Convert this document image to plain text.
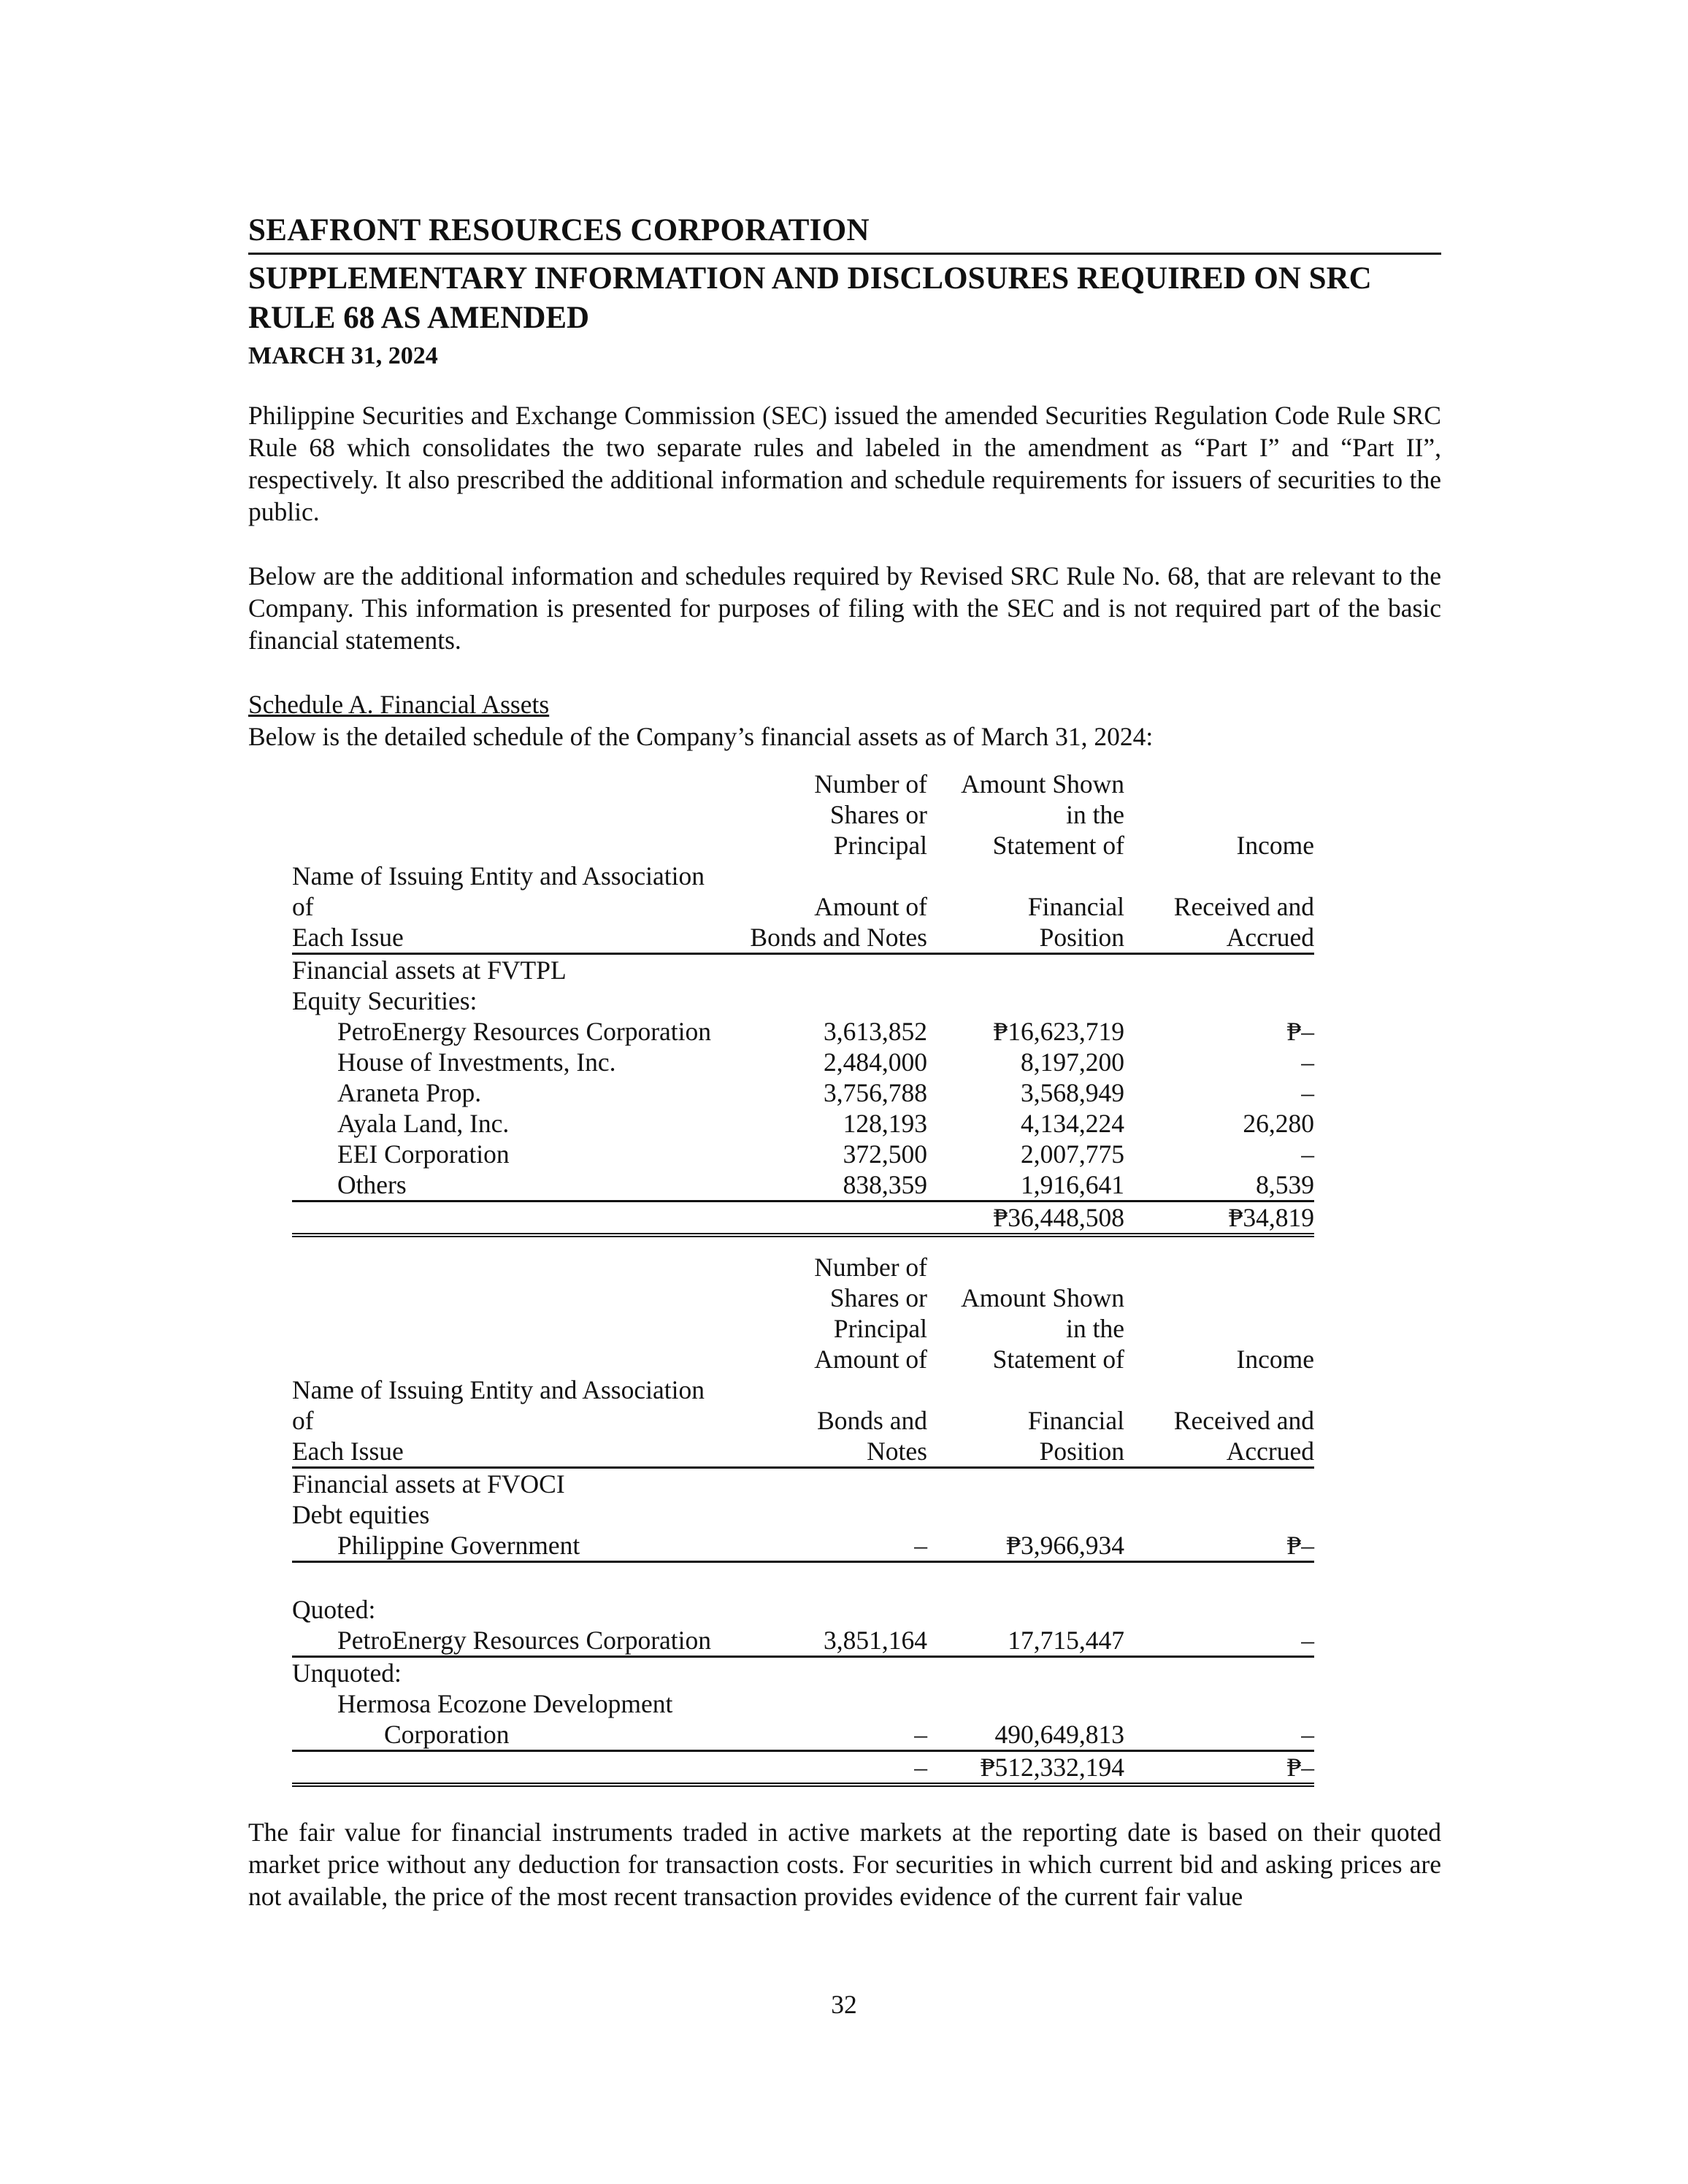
SEAFRONT RESOURCES CORPORATION
SUPPLEMENTARY INFORMATION AND DISCLOSURES REQUIRED ON SRC RULE 68 AS AMENDED
MARCH 31, 2024

Philippine Securities and Exchange Commission (SEC) issued the amended Securities Regulation Code Rule SRC Rule 68 which consolidates the two separate rules and labeled in the amendment as “Part I” and “Part II”, respectively. It also prescribed the additional information and schedule requirements for issuers of securities to the public.

Below are the additional information and schedules required by Revised SRC Rule No. 68, that are relevant to the Company. This information is presented for purposes of filing with the SEC and is not required part of the basic financial statements.

Schedule A. Financial Assets
Below is the detailed schedule of the Company’s financial assets as of March 31, 2024:
	Number of	Amount Shown	
	Shares or	in the	
	Principal	Statement of	Income
Name of Issuing Entity and Association of	Amount of	Financial	Received and
Each Issue	Bonds and Notes	Position	Accrued
Financial assets at FVTPL			
Equity Securities:			
PetroEnergy Resources Corporation	3,613,852	₱16,623,719	₱–
House of Investments, Inc.	2,484,000	8,197,200	–
Araneta Prop.	3,756,788	3,568,949	–
Ayala Land, Inc.	128,193	4,134,224	26,280
EEI Corporation	372,500	2,007,775	–
Others	838,359	1,916,641	8,539
		₱36,448,508	₱34,819
	Number of		
	Shares or	Amount Shown	
	Principal	in the	
	Amount of	Statement of	Income
Name of Issuing Entity and Association of	Bonds and	Financial	Received and
Each Issue	Notes	Position	Accrued
Financial assets at FVOCI			
Debt equities			
Philippine Government	–	₱3,966,934	₱–

Quoted:			
PetroEnergy Resources Corporation	3,851,164	17,715,447	–
Unquoted:			
Hermosa Ecozone Development			
Corporation	–	490,649,813	–
	–	₱512,332,194	₱–

The fair value for financial instruments traded in active markets at the reporting date is based on their quoted market price without any deduction for transaction costs. For securities in which current bid and asking prices are not available, the price of the most recent transaction provides evidence of the current fair value

32
